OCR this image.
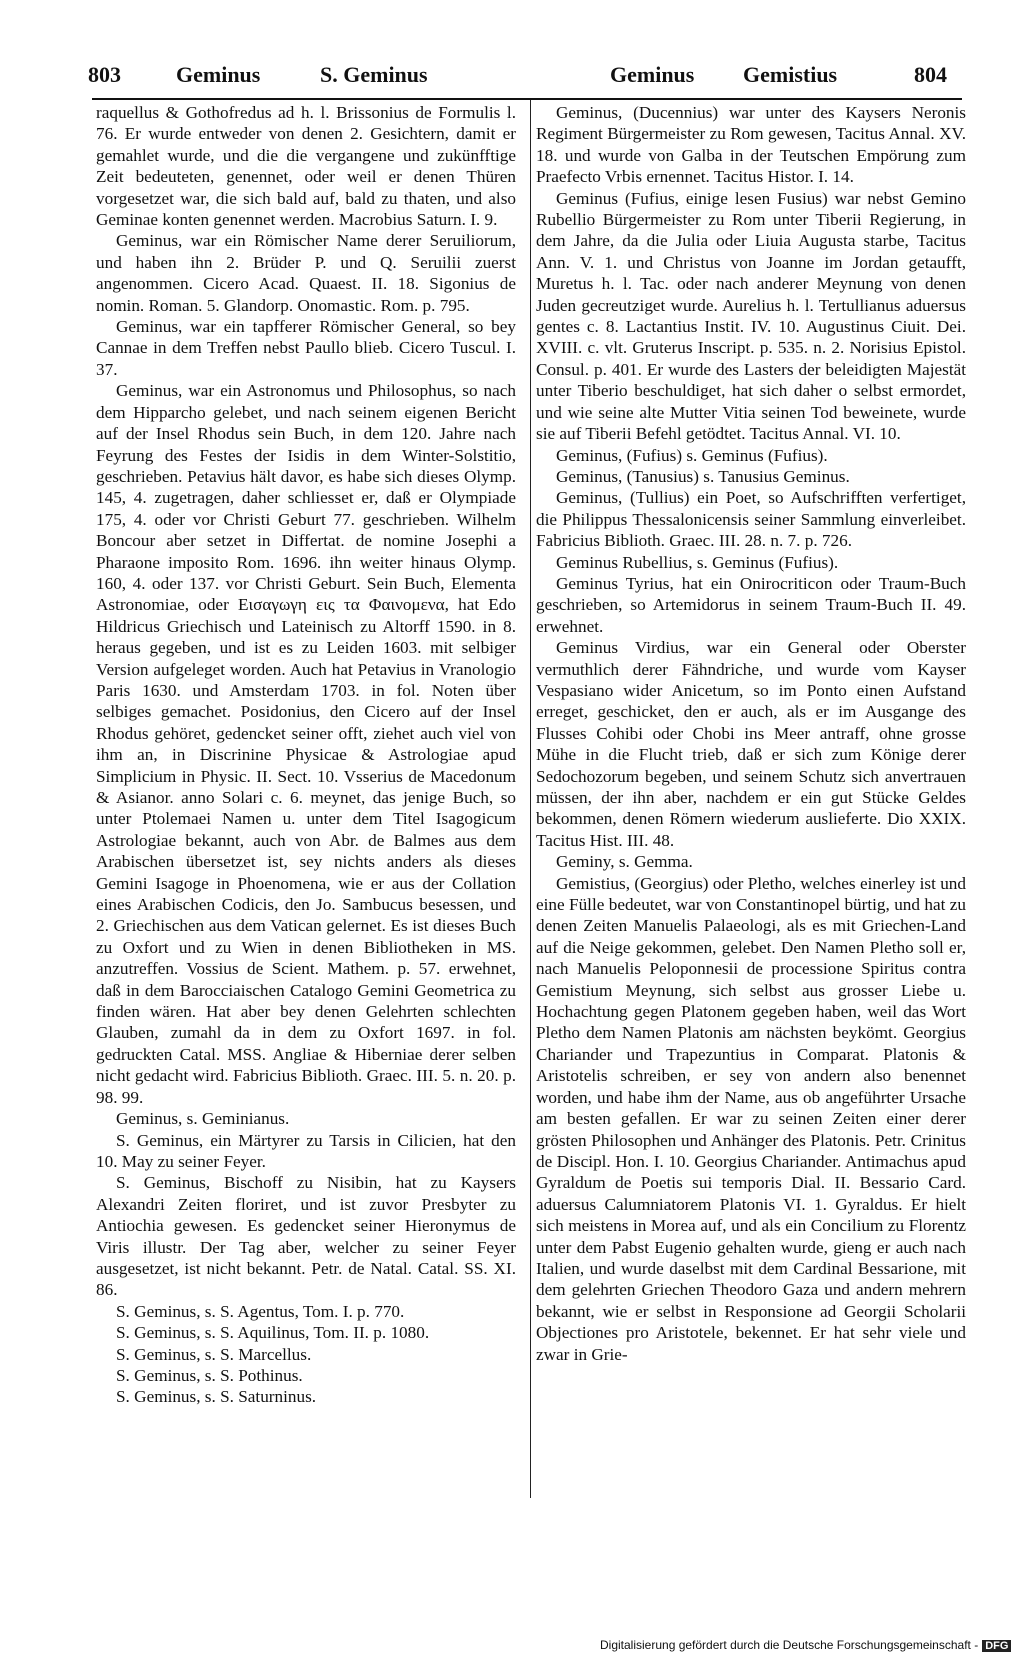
803	Geminus	S. Geminus	Geminus Gemistius	804

raquellus & Gothofredus ad h. l. Brissonius de Formulis l. 76. Er wurde entweder von denen 2. Gesichtern, damit er gemahlet wurde, und die die vergangene und zukünfftige Zeit bedeuteten, genennet, oder weil er denen Thüren vorgesetzet war, die sich bald auf, bald zu thaten, und also Geminae konten genennet werden. Macrobius Saturn. I. 9.

Geminus, war ein Römischer Name derer Seruiliorum, und haben ihn 2. Brüder P. und Q. Seruilii zuerst angenommen. Cicero Acad. Quaest. II. 18. Sigonius de nomin. Roman. 5. Glandorp. Onomastic. Rom. p. 795.

Geminus, war ein tapfferer Römischer General, so bey Cannae in dem Treffen nebst Paullo blieb. Cicero Tuscul. I. 37.

Geminus, war ein Astronomus und Philosophus, so nach dem Hipparcho gelebet, und nach seinem eigenen Bericht auf der Insel Rhodus sein Buch, in dem 120. Jahre nach Feyrung des Festes der Isidis in dem Winter-Solstitio, geschrieben. Petavius hält davor, es habe sich dieses Olymp. 145, 4. zugetragen, daher schliesset er, daß er Olympiade 175, 4. oder vor Christi Geburt 77. geschrieben. Wilhelm Boncour aber setzet in Differtat. de nomine Josephi a Pharaone imposito Rom. 1696. ihn weiter hinaus Olymp. 160, 4. oder 137. vor Christi Geburt. Sein Buch, Elementa Astronomiae, oder Εισαγωγη εις τα Φαινομενα, hat Edo Hildricus Griechisch und Lateinisch zu Altorff 1590. in 8. heraus gegeben, und ist es zu Leiden 1603. mit selbiger Version aufgeleget worden. Auch hat Petavius in Vranologio Paris 1630. und Amsterdam 1703. in fol. Noten über selbiges gemachet. Posidonius, den Cicero auf der Insel Rhodus gehöret, gedencket seiner offt, ziehet auch viel von ihm an, in Discrinine Physicae & Astrologiae apud Simplicium in Physic. II. Sect. 10. Vsserius de Macedonum & Asianor. anno Solari c. 6. meynet, das jenige Buch, so unter Ptolemaei Namen u. unter dem Titel Isagogicum Astrologiae bekannt, auch von Abr. de Balmes aus dem Arabischen übersetzet ist, sey nichts anders als dieses Gemini Isagoge in Phoenomena, wie er aus der Collation eines Arabischen Codicis, den Jo. Sambucus besessen, und 2. Griechischen aus dem Vatican gelernet. Es ist dieses Buch zu Oxfort und zu Wien in denen Bibliotheken in MS. anzutreffen. Vossius de Scient. Mathem. p. 57. erwehnet, daß in dem Barocciaischen Catalogo Gemini Geometrica zu finden wären. Hat aber bey denen Gelehrten schlechten Glauben, zumahl da in dem zu Oxfort 1697. in fol. gedruckten Catal. MSS. Angliae & Hiberniae derer selben nicht gedacht wird. Fabricius Biblioth. Graec. III. 5. n. 20. p. 98. 99.

Geminus, s. Geminianus.

S. Geminus, ein Märtyrer zu Tarsis in Cilicien, hat den 10. May zu seiner Feyer.

S. Geminus, Bischoff zu Nisibin, hat zu Kaysers Alexandri Zeiten floriret, und ist zuvor Presbyter zu Antiochia gewesen. Es gedencket seiner Hieronymus de Viris illustr. Der Tag aber, welcher zu seiner Feyer ausgesetzet, ist nicht bekannt. Petr. de Natal. Catal. SS. XI. 86.

S. Geminus, s. S. Agentus, Tom. I. p. 770.

S. Geminus, s. S. Aquilinus, Tom. II. p. 1080.

S. Geminus, s. S. Marcellus.

S. Geminus, s. S. Pothinus.

S. Geminus, s. S. Saturninus.

Geminus, (Ducennius) war unter des Kaysers Neronis Regiment Bürgermeister zu Rom gewesen, Tacitus Annal. XV. 18. und wurde von Galba in der Teutschen Empörung zum Praefecto Vrbis ernennet. Tacitus Histor. I. 14.

Geminus (Fufius, einige lesen Fusius) war nebst Gemino Rubellio Bürgermeister zu Rom unter Tiberii Regierung, in dem Jahre, da die Julia oder Liuia Augusta starbe, Tacitus Ann. V. 1. und Christus von Joanne im Jordan getaufft, Muretus h. l. Tac. oder nach anderer Meynung von denen Juden gecreutziget wurde. Aurelius h. l. Tertullianus aduersus gentes c. 8. Lactantius Instit. IV. 10. Augustinus Ciuit. Dei. XVIII. c. vlt. Gruterus Inscript. p. 535. n. 2. Norisius Epistol. Consul. p. 401. Er wurde des Lasters der beleidigten Majestät unter Tiberio beschuldiget, hat sich daher o selbst ermordet, und wie seine alte Mutter Vitia seinen Tod beweinete, wurde sie auf Tiberii Befehl getödtet. Tacitus Annal. VI. 10.

Geminus, (Fufius) s. Geminus (Fufius).

Geminus, (Tanusius) s. Tanusius Geminus.

Geminus, (Tullius) ein Poet, so Aufschrifften verfertiget, die Philippus Thessalonicensis seiner Sammlung einverleibet. Fabricius Biblioth. Graec. III. 28. n. 7. p. 726.

Geminus Rubellius, s. Geminus (Fufius).

Geminus Tyrius, hat ein Onirocriticon oder Traum-Buch geschrieben, so Artemidorus in seinem Traum-Buch II. 49. erwehnet.

Geminus Virdius, war ein General oder Oberster vermuthlich derer Fähndriche, und wurde vom Kayser Vespasiano wider Anicetum, so im Ponto einen Aufstand erreget, geschicket, den er auch, als er im Ausgange des Flusses Cohibi oder Chobi ins Meer antraff, ohne grosse Mühe in die Flucht trieb, daß er sich zum Könige derer Sedochozorum begeben, und seinem Schutz sich anvertrauen müssen, der ihn aber, nachdem er ein gut Stücke Geldes bekommen, denen Römern wiederum auslieferte. Dio XXIX. Tacitus Hist. III. 48.

Geminy, s. Gemma.

Gemistius, (Georgius) oder Pletho, welches einerley ist und eine Fülle bedeutet, war von Constantinopel bürtig, und hat zu denen Zeiten Manuelis Palaeologi, als es mit Griechen-Land auf die Neige gekommen, gelebet. Den Namen Pletho soll er, nach Manuelis Peloponnesii de processione Spiritus contra Gemistium Meynung, sich selbst aus grosser Liebe u. Hochachtung gegen Platonem gegeben haben, weil das Wort Pletho dem Namen Platonis am nächsten beykömt. Georgius Chariander und Trapezuntius in Comparat. Platonis & Aristotelis schreiben, er sey von andern also benennet worden, und habe ihm der Name, aus ob angeführter Ursache am besten gefallen. Er war zu seinen Zeiten einer derer grösten Philosophen und Anhänger des Platonis. Petr. Crinitus de Discipl. Hon. I. 10. Georgius Chariander. Antimachus apud Gyraldum de Poetis sui temporis Dial. II. Bessario Card. aduersus Calumniatorem Platonis VI. 1. Gyraldus. Er hielt sich meistens in Morea auf, und als ein Concilium zu Florentz unter dem Pabst Eugenio gehalten wurde, gieng er auch nach Italien, und wurde daselbst mit dem Cardinal Bessarione, mit dem gelehrten Griechen Theodoro Gaza und andern mehrern bekannt, wie er selbst in Responsione ad Georgii Scholarii Objectiones pro Aristotele, bekennet. Er hat sehr viele und zwar in Grie-

Digitalisierung gefördert durch die Deutsche Forschungsgemeinschaft - DFG
